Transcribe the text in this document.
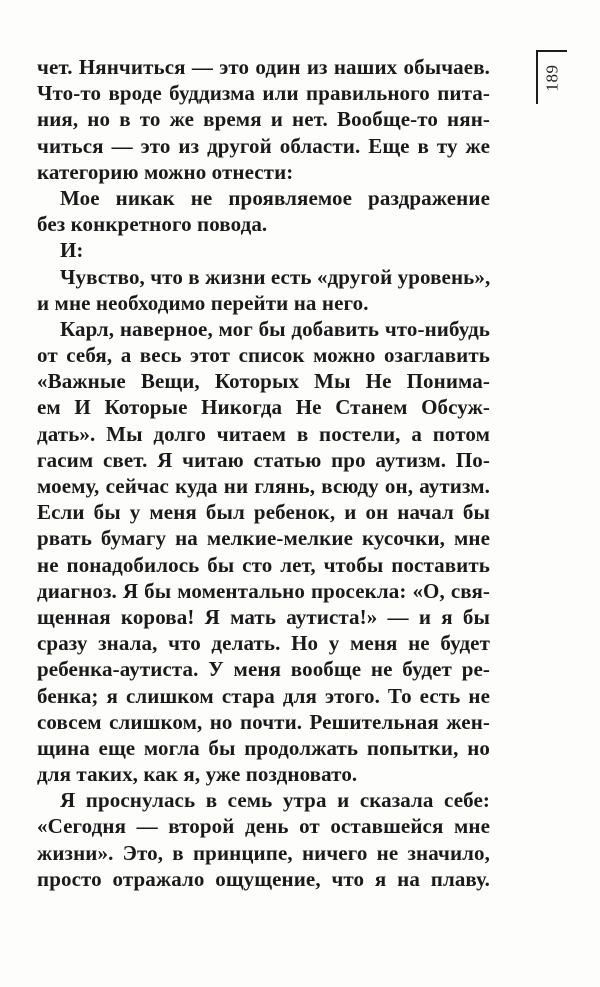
189
чет. Нянчиться — это один из наших обычаев.
Что-то вроде буддизма или правильного пита-
ния, но в то же время и нет. Вообще-то нян-
читься — это из другой области. Еще в ту же
категорию можно отнести:
Мое никак не проявляемое раздражение
без конкретного повода.
И:
Чувство, что в жизни есть «другой уровень»,
и мне необходимо перейти на него.
Карл, наверное, мог бы добавить что-нибудь
от себя, а весь этот список можно озаглавить
«Важные Вещи, Которых Мы Не Понима-
ем И Которые Никогда Не Станем Обсуж-
дать». Мы долго читаем в постели, а потом
гасим свет. Я читаю статью про аутизм. По-
моему, сейчас куда ни глянь, всюду он, аутизм.
Если бы у меня был ребенок, и он начал бы
рвать бумагу на мелкие-мелкие кусочки, мне
не понадобилось бы сто лет, чтобы поставить
диагноз. Я бы моментально просекла: «О, свя-
щенная корова! Я мать аутиста!» — и я бы
сразу знала, что делать. Но у меня не будет
ребенка-аутиста. У меня вообще не будет ре-
бенка; я слишком стара для этого. То есть не
совсем слишком, но почти. Решительная жен-
щина еще могла бы продолжать попытки, но
для таких, как я, уже поздновато.
Я проснулась в семь утра и сказала себе:
«Сегодня — второй день от оставшейся мне
жизни». Это, в принципе, ничего не значило,
просто отражало ощущение, что я на плаву.
